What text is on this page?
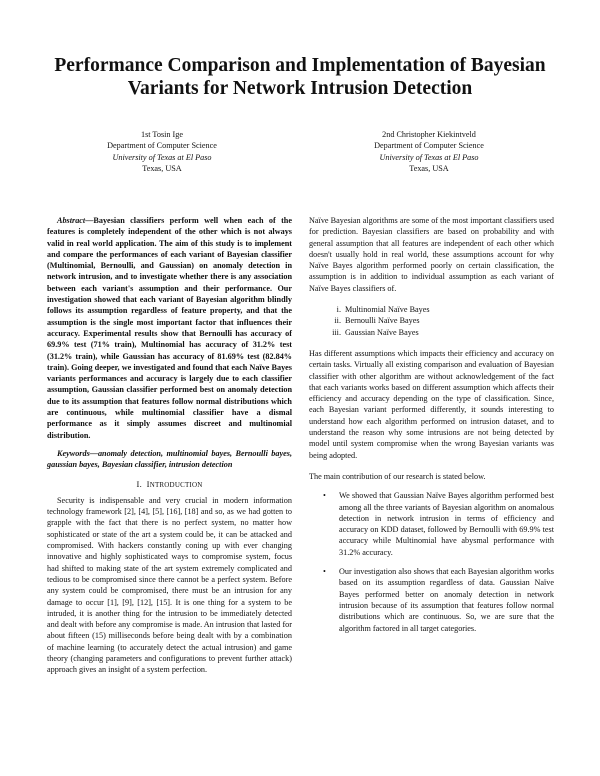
Performance Comparison and Implementation of Bayesian Variants for Network Intrusion Detection
1st Tosin Ige
Department of Computer Science
University of Texas at El Paso
Texas, USA
2nd Christopher Kiekintveld
Department of Computer Science
University of Texas at El Paso
Texas, USA

Abstract—Bayesian classifiers perform well when each of the features is completely independent of the other which is not always valid in real world application. The aim of this study is to implement and compare the performances of each variant of Bayesian classifier (Multinomial, Bernoulli, and Gaussian) on anomaly detection in network intrusion, and to investigate whether there is any association between each variant's assumption and their performance. Our investigation showed that each variant of Bayesian algorithm blindly follows its assumption regardless of feature property, and that the assumption is the single most important factor that influences their accuracy. Experimental results show that Bernoulli has accuracy of 69.9% test (71% train), Multinomial has accuracy of 31.2% test (31.2% train), while Gaussian has accuracy of 81.69% test (82.84% train). Going deeper, we investigated and found that each Naïve Bayes variants performances and accuracy is largely due to each classifier assumption, Gaussian classifier performed best on anomaly detection due to its assumption that features follow normal distributions which are continuous, while multinomial classifier have a dismal performance as it simply assumes discreet and multinomial distribution.

Keywords—anomaly detection, multinomial bayes, Bernoulli bayes, gaussian bayes, Bayesian classifier, intrusion detection

I. INTRODUCTION

Security is indispensable and very crucial in modern information technology framework [2], [4], [5], [16], [18] and so, as we had gotten to grapple with the fact that there is no perfect system, no matter how sophisticated or state of the art a system could be, it can be attacked and compromised. With hackers constantly coning up with ever changing innovative and highly sophisticated ways to compromise system, focus had shifted to making state of the art system extremely complicated and tedious to be compromised since there cannot be a perfect system. Before any system could be compromised, there must be an intrusion for any damage to occur [1], [9], [12], [15]. It is one thing for a system to be intruded, it is another thing for the intrusion to be immediately detected and dealt with before any compromise is made. An intrusion that lasted for about fifteen (15) milliseconds before being dealt with by a combination of machine learning (to accurately detect the actual intrusion) and game theory (changing parameters and configurations to prevent further attack) approach gives an insight of a system perfection.

Naïve Bayesian algorithms are some of the most important classifiers used for prediction. Bayesian classifiers are based on probability and with general assumption that all features are independent of each other which doesn't usually hold in real world, these assumptions account for why Naïve Bayes algorithm performed poorly on certain classification, the assumption is in addition to individual assumption as each variant of Naïve Bayes classifiers of.

i. Multinomial Naïve Bayes
ii. Bernoulli Naïve Bayes
iii. Gaussian Naïve Bayes

Has different assumptions which impacts their efficiency and accuracy on certain tasks. Virtually all existing comparison and evaluation of Bayesian classifier with other algorithm are without acknowledgement of the fact that each variants works based on different assumption which affects their efficiency and accuracy depending on the type of classification. Since, each Bayesian variant performed differently, it sounds interesting to understand how each algorithm performed on intrusion dataset, and to understand the reason why some intrusions are not being detected by model until system compromise when the wrong Bayesian variants was being adopted.

The main contribution of our research is stated below.

• We showed that Gaussian Naïve Bayes algorithm performed best among all the three variants of Bayesian algorithm on anomalous detection in network intrusion in terms of efficiency and accuracy on KDD dataset, followed by Bernoulli with 69.9% test accuracy while Multinomial have abysmal performance with 31.2% accuracy.
• Our investigation also shows that each Bayesian algorithm works based on its assumption regardless of data. Gaussian Naïve Bayes performed better on anomaly detection in network intrusion because of its assumption that features follow normal distributions which are continuous. So, we are sure that the algorithm factored in all target categories.
